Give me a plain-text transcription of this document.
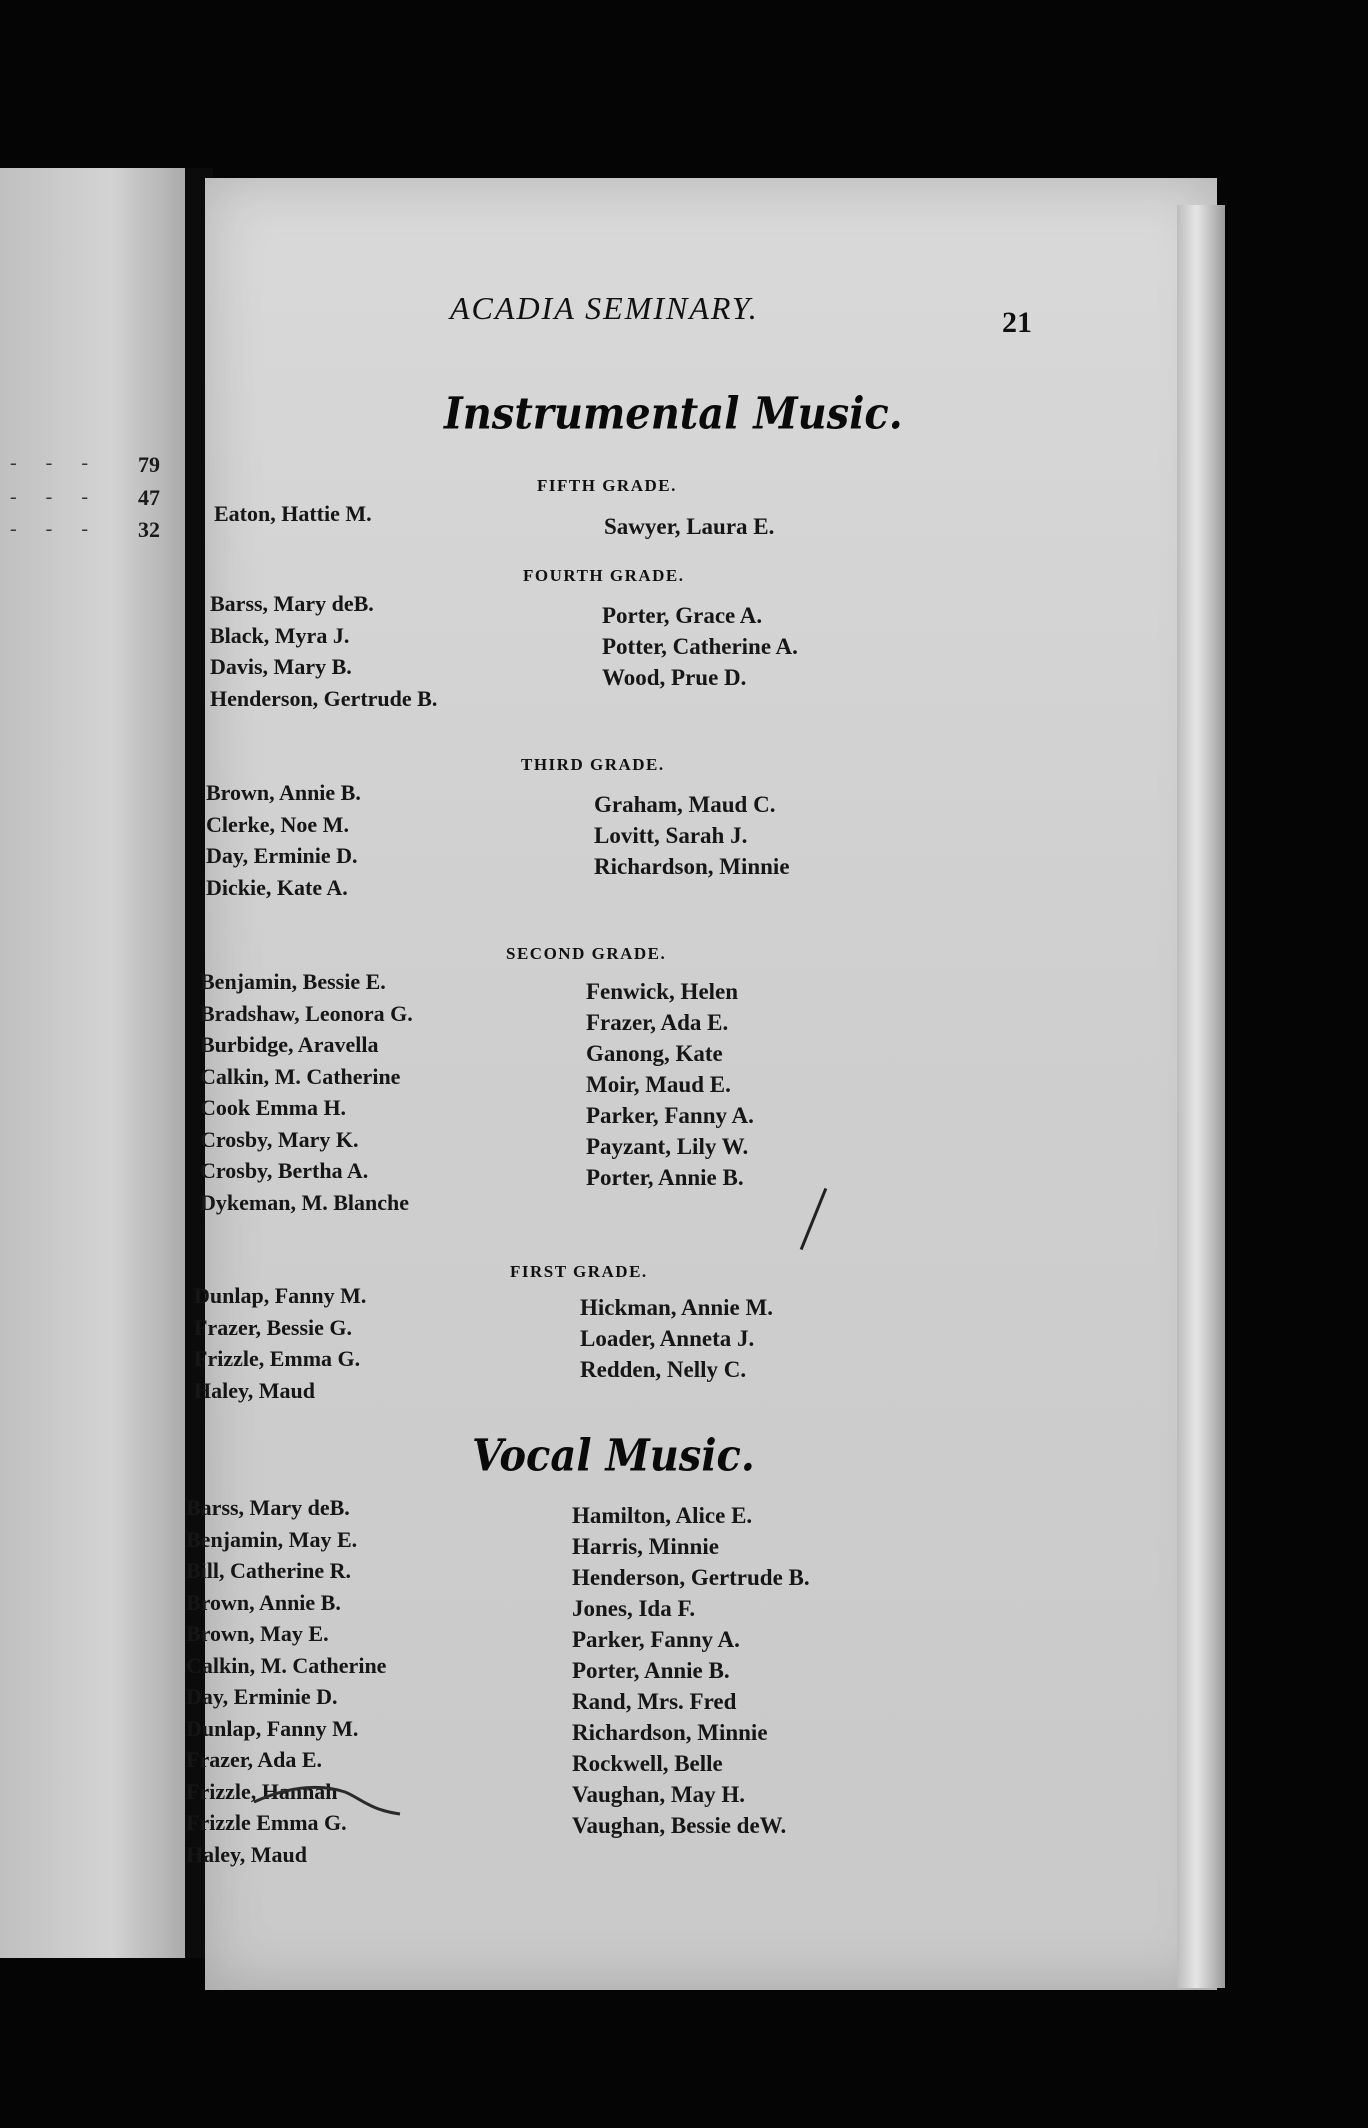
- - -
- - -
- - -
79
47
32
ACADIA SEMINARY.	21
Instrumental Music.
FIFTH GRADE.
Eaton, Hattie M.
Sawyer, Laura E.
FOURTH GRADE.
Barss, Mary deB.
Black, Myra J.
Davis, Mary B.
Henderson, Gertrude B.
Porter, Grace A.
Potter, Catherine A.
Wood, Prue D.
THIRD GRADE.
Brown, Annie B.
Clerke, Noe M.
Day, Erminie D.
Dickie, Kate A.
Graham, Maud C.
Lovitt, Sarah J.
Richardson, Minnie
SECOND GRADE.
Benjamin, Bessie E.
Bradshaw, Leonora G.
Burbidge, Aravella
Calkin, M. Catherine
Cook Emma H.
Crosby, Mary K.
Crosby, Bertha A.
Dykeman, M. Blanche
Fenwick, Helen
Frazer, Ada E.
Ganong, Kate
Moir, Maud E.
Parker, Fanny A.
Payzant, Lily W.
Porter, Annie B.
FIRST GRADE.
Dunlap, Fanny M.
Frazer, Bessie G.
Frizzle, Emma G.
Haley, Maud
Hickman, Annie M.
Loader, Anneta J.
Redden, Nelly C.
Vocal Music.
Barss, Mary deB.
Benjamin, May E.
Bill, Catherine R.
Brown, Annie B.
Brown, May E.
Calkin, M. Catherine
Day, Erminie D.
Dunlap, Fanny M.
Frazer, Ada E.
Frizzle, Hannah
Frizzle Emma G.
Haley, Maud
Hamilton, Alice E.
Harris, Minnie
Henderson, Gertrude B.
Jones, Ida F.
Parker, Fanny A.
Porter, Annie B.
Rand, Mrs. Fred
Richardson, Minnie
Rockwell, Belle
Vaughan, May H.
Vaughan, Bessie deW.
